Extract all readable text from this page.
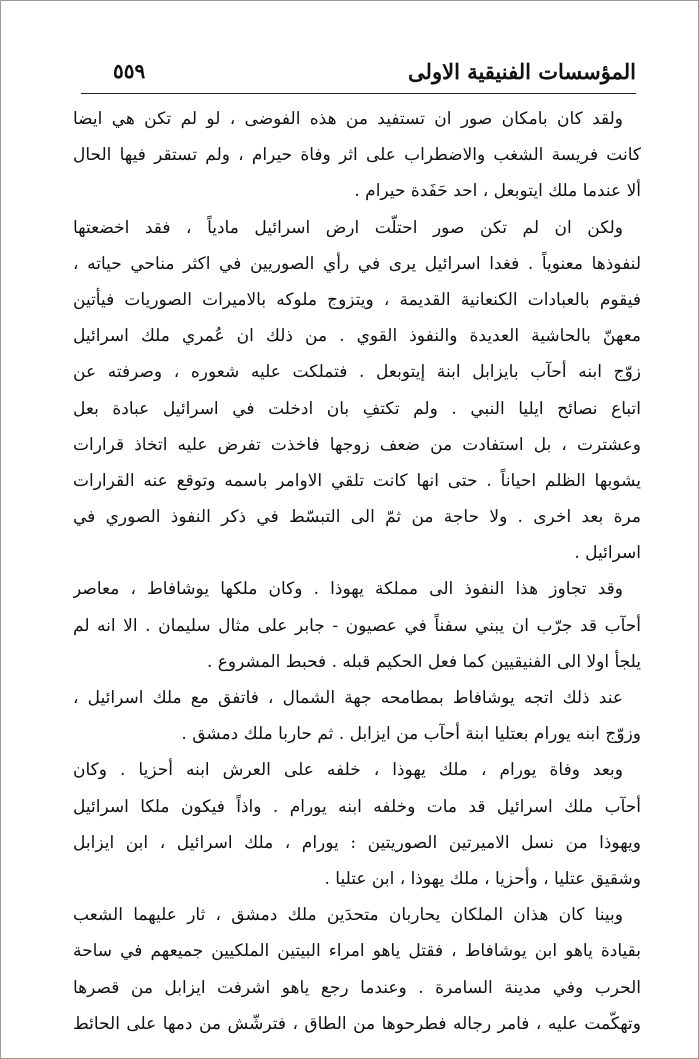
المؤسسات الفنيقية الاولى
٥٥٩
ولقد كان بامكان صور ان تستفيد من هذه الفوضى ، لو لم تكن هي ايضا
كانت فريسة الشغب والاضطراب على اثر وفاة حيرام ، ولم تستقر فيها الحال
ألا عندما ملك ايتوبعل ، احد حَفَدة حيرام .
ولكن ان لم تكن صور احتلّت ارض اسرائيل مادياً ، فقد اخضعتها
لنفوذها معنوياً . فغدا اسرائيل يرى في رأي الصوريين في اكثر مناحي حياته ،
فيقوم بالعبادات الكنعانية القديمة ، ويتزوج ملوكه بالاميرات الصوريات فيأتين
معهنّ بالحاشية العديدة والنفوذ القوي . من ذلك ان عُمري ملك اسرائيل
زوّج ابنه أحآب بايزابل ابنة إيتوبعل . فتملكت عليه شعوره ، وصرفته عن
اتباع نصائح ايليا النبي . ولم تكتفِ بان ادخلت في اسرائيل عبادة بعل
وعشترت ، بل استفادت من ضعف زوجها فاخذت تفرض عليه اتخاذ قرارات
يشوبها الظلم احياناً . حتى انها كانت تلقي الاوامر باسمه وتوقع عنه القرارات
مرة بعد اخرى . ولا حاجة من ثمّ الى التبسّط في ذكر النفوذ الصوري في
اسرائيل .
وقد تجاوز هذا النفوذ الى مملكة يهوذا . وكان ملكها يوشافاط ، معاصر
أحآب قد جرّب ان يبني سفناً في عصيون - جابر على مثال سليمان . الا انه لم
يلجأ اولا الى الفنيقيين كما فعل الحكيم قبله . فحبط المشروع .
عند ذلك اتجه يوشافاط بمطامحه جهة الشمال ، فاتفق مع ملك اسرائيل ،
وزوّج ابنه يورام بعتليا ابنة أحآب من ايزابل . ثم حاربا ملك دمشق .
وبعد وفاة يورام ، ملك يهوذا ، خلفه على العرش ابنه أحزيا . وكان
أحآب ملك اسرائيل قد مات وخلفه ابنه يورام . واذاً فيكون ملكا اسرائيل
ويهوذا من نسل الاميرتين الصوريتين : يورام ، ملك اسرائيل ، ابن ايزابل
وشقيق عتليا ، وأحزيا ، ملك يهوذا ، ابن عتليا .
وبينا كان هذان الملكان يحاربان متحدَين ملك دمشق ، ثار عليهما الشعب
بقيادة ياهو ابن يوشافاط ، فقتل ياهو امراء البيتين الملكيين جميعهم في ساحة
الحرب وفي مدينة السامرة . وعندما رجع ياهو اشرفت ايزابل من قصرها
وتهكّمت عليه ، فامر رجاله فطرحوها من الطاق ، فترشّش من دمها على الحائط
